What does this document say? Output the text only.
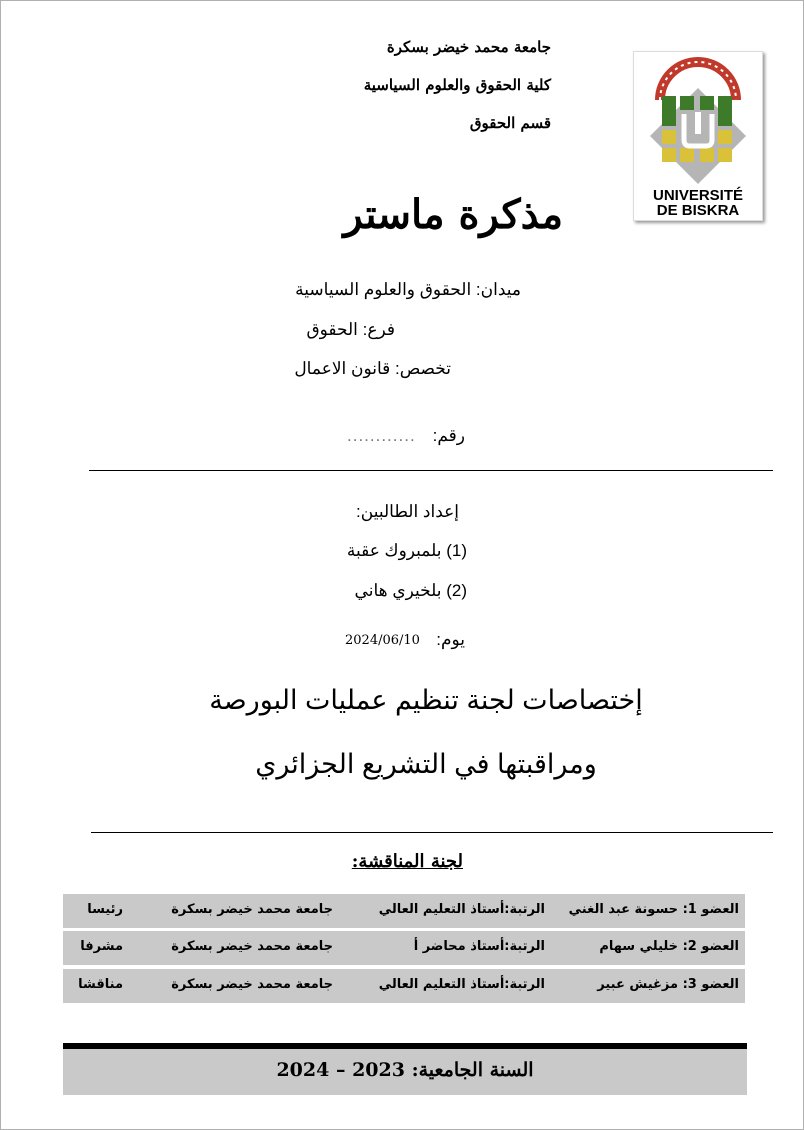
جامعة محمد خيضر بسكرة
كلية الحقوق والعلوم السياسية
قسم الحقوق
UNIVERSITÉ
DE BISKRA
مذكرة ماستر
ميدان: الحقوق والعلوم السياسية
فرع: الحقوق
تخصص: قانون الاعمال
............ رقم:
إعداد الطالبين:
(1) بلمبروك عقبة
(2) بلخيري هاني
2024/06/10 يوم:
إختصاصات لجنة تنظيم عمليات البورصة
ومراقبتها في التشريع الجزائري
لجنة المناقشة:
العضو 1: حسونة عبد الغني
الرتبة:أستاذ التعليم العالي
جامعة محمد خيضر بسكرة
رئيسا
العضو 2: خليلي سهام
الرتبة:أستاذ محاضر أ
جامعة محمد خيضر بسكرة
مشرفا
العضو 3: مزغيش عبير
الرتبة:أستاذ التعليم العالي
جامعة محمد خيضر بسكرة
مناقشا
السنة الجامعية: 2023 – 2024
